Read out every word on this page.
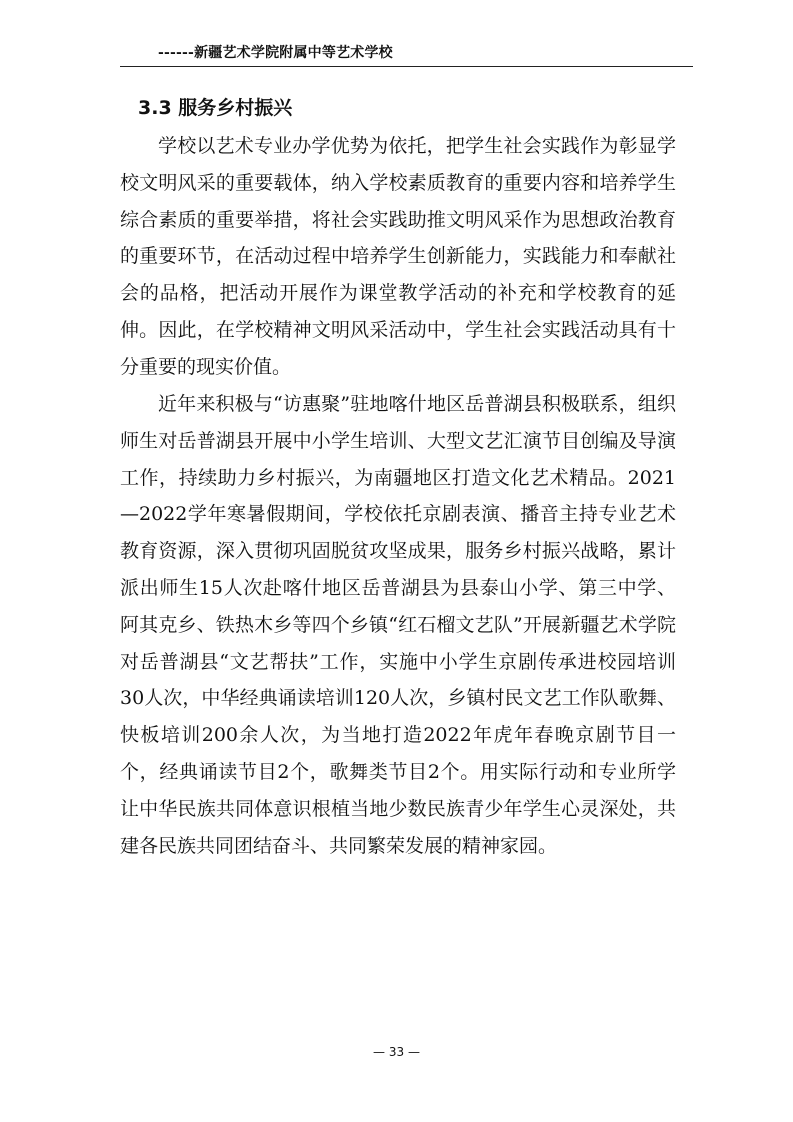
------新疆艺术学院附属中等艺术学校
3.3 服务乡村振兴

学校以艺术专业办学优势为依托，把学生社会实践作为彰显学校文明风采的重要载体，纳入学校素质教育的重要内容和培养学生综合素质的重要举措，将社会实践助推文明风采作为思想政治教育的重要环节，在活动过程中培养学生创新能力，实践能力和奉献社会的品格，把活动开展作为课堂教学活动的补充和学校教育的延伸。因此，在学校精神文明风采活动中，学生社会实践活动具有十分重要的现实价值。

近年来积极与“访惠聚”驻地喀什地区岳普湖县积极联系，组织师生对岳普湖县开展中小学生培训、大型文艺汇演节目创编及导演工作，持续助力乡村振兴，为南疆地区打造文化艺术精品。2021—2022学年寒暑假期间，学校依托京剧表演、播音主持专业艺术教育资源，深入贯彻巩固脱贫攻坚成果，服务乡村振兴战略，累计派出师生15人次赴喀什地区岳普湖县为县泰山小学、第三中学、阿其克乡、铁热木乡等四个乡镇“红石榴文艺队”开展新疆艺术学院对岳普湖县“文艺帮扶”工作，实施中小学生京剧传承进校园培训30人次，中华经典诵读培训120人次，乡镇村民文艺工作队歌舞、快板培训200余人次，为当地打造2022年虎年春晚京剧节目一个，经典诵读节目2个，歌舞类节目2个。用实际行动和专业所学让中华民族共同体意识根植当地少数民族青少年学生心灵深处，共建各民族共同团结奋斗、共同繁荣发展的精神家园。

— 33 —
